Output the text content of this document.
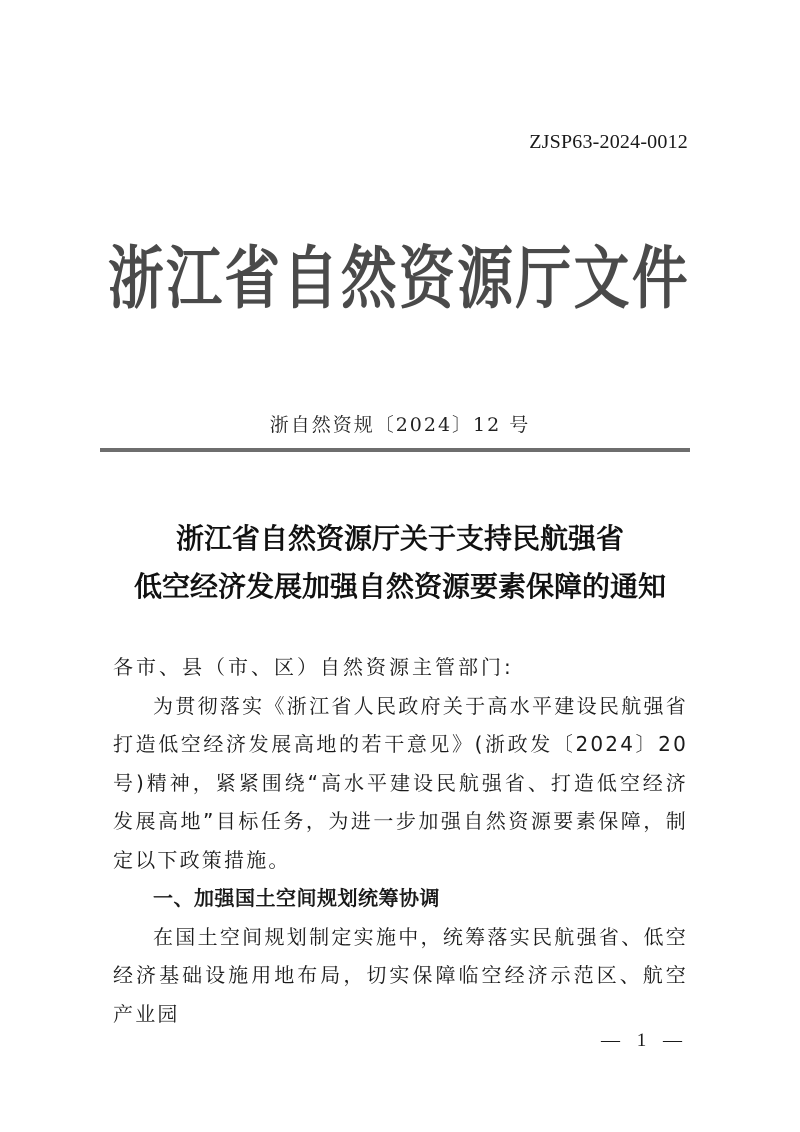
ZJSP63-2024-0012
浙 江 省 自 然 资 源 厅 文 件
浙自然资规〔2024〕12 号
浙江省自然资源厅关于支持民航强省
低空经济发展加强自然资源要素保障的通知

各市、县（市、区）自然资源主管部门:

为贯彻落实《浙江省人民政府关于高水平建设民航强省打造低空经济发展高地的若干意见》(浙政发〔2024〕20号)精神，紧紧围绕“高水平建设民航强省、打造低空经济发展高地”目标任务，为进一步加强自然资源要素保障，制定以下政策措施。

一、加强国土空间规划统筹协调

在国土空间规划制定实施中，统筹落实民航强省、低空经济基础设施用地布局，切实保障临空经济示范区、航空产业园

— 1 —
